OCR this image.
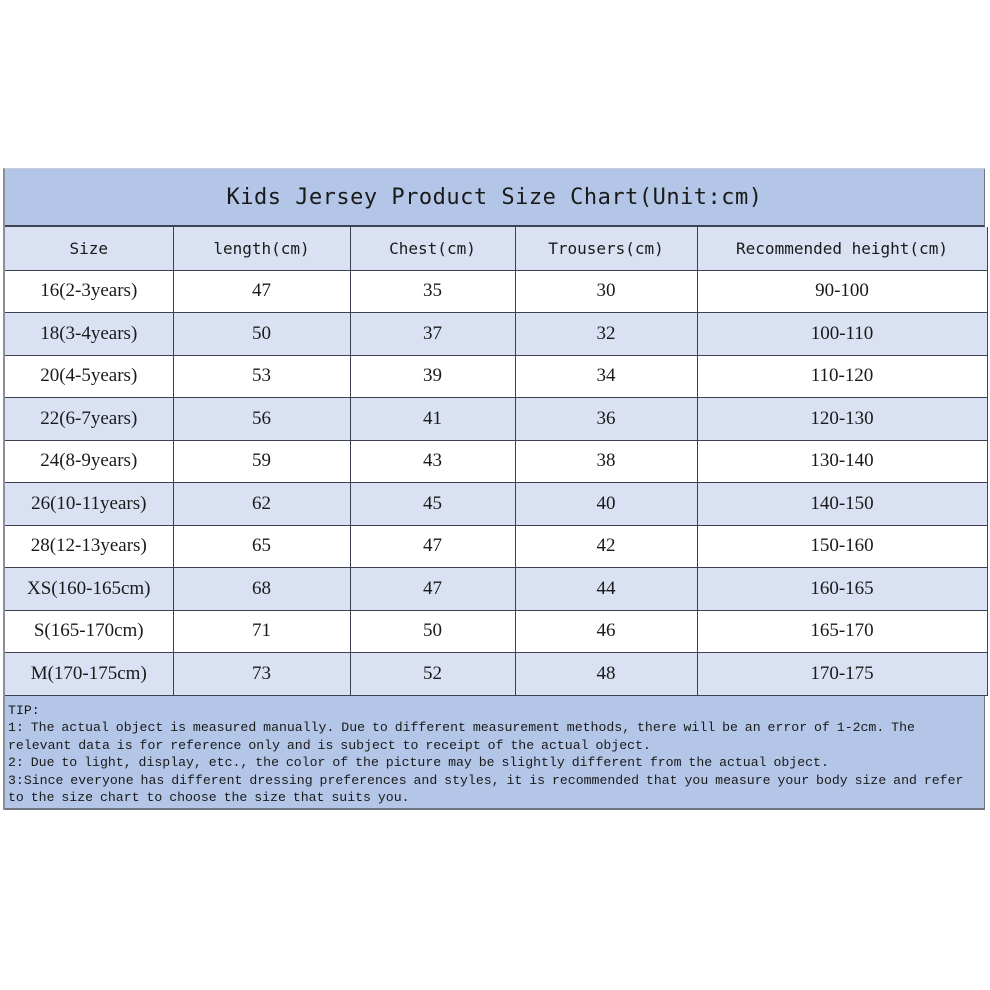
Kids Jersey Product Size Chart(Unit:cm)
Size	length(cm)	Chest(cm)	Trousers(cm)	Recommended height(cm)
16(2-3years)	47	35	30	90-100
18(3-4years)	50	37	32	100-110
20(4-5years)	53	39	34	110-120
22(6-7years)	56	41	36	120-130
24(8-9years)	59	43	38	130-140
26(10-11years)	62	45	40	140-150
28(12-13years)	65	47	42	150-160
XS(160-165cm)	68	47	44	160-165
S(165-170cm)	71	50	46	165-170
M(170-175cm)	73	52	48	170-175
TIP:
1: The actual object is measured manually. Due to different measurement methods, there will be an error of 1-2cm. The relevant data is for reference only and is subject to receipt of the actual object.
2: Due to light, display, etc., the color of the picture may be slightly different from the actual object.
3:Since everyone has different dressing preferences and styles, it is recommended that you measure your body size and refer to the size chart to choose the size that suits you.
